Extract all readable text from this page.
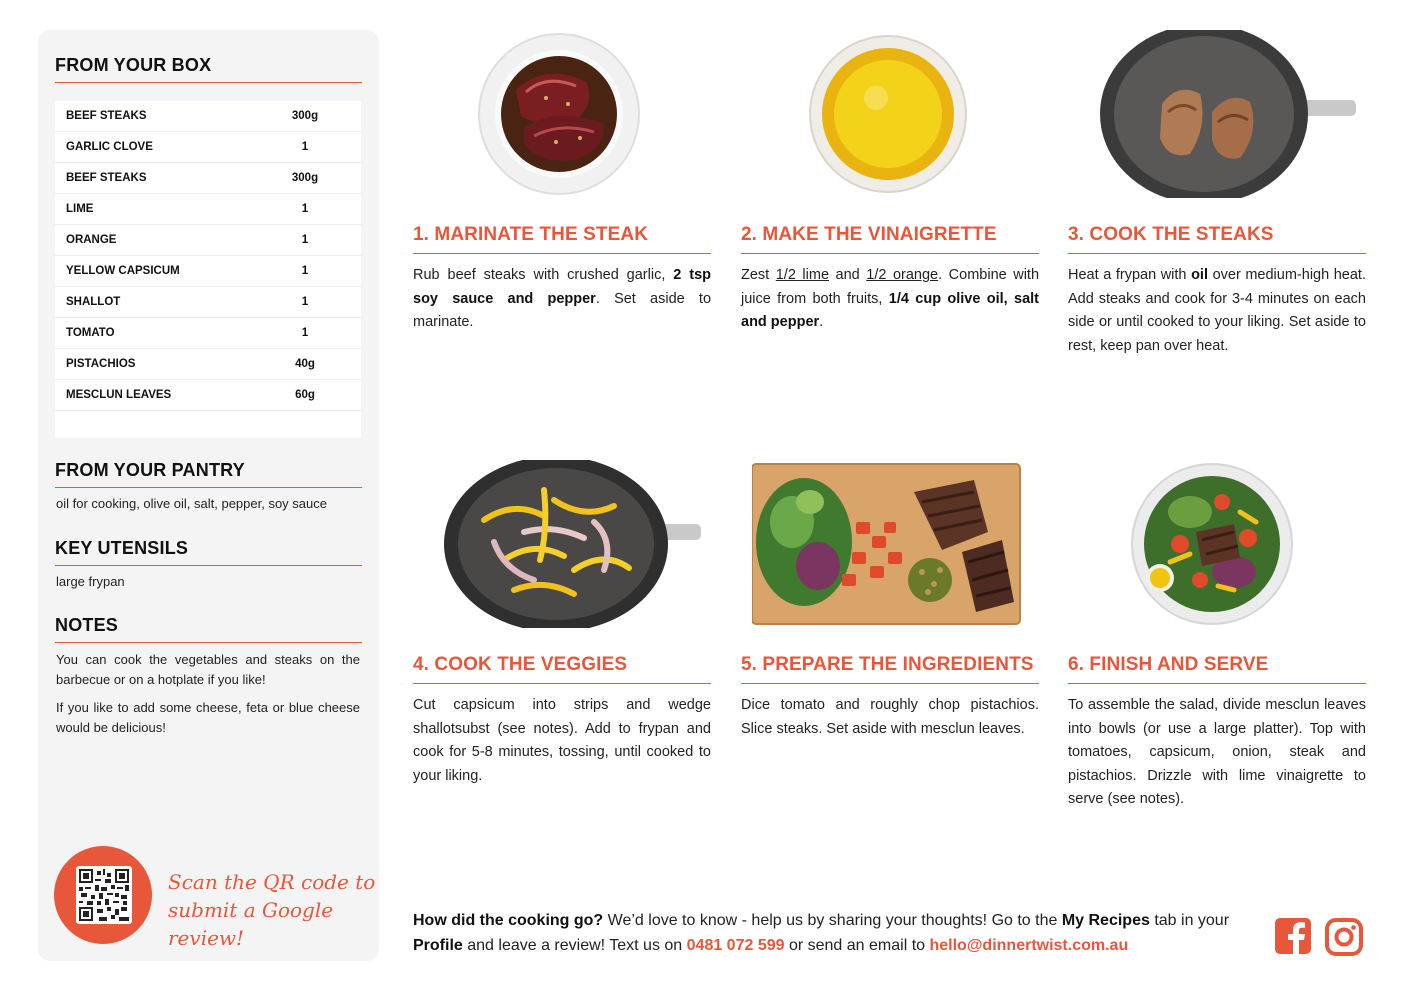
FROM YOUR BOX
BEEF STEAKS	300g
GARLIC CLOVE	1
BEEF STEAKS	300g
LIME	1
ORANGE	1
YELLOW CAPSICUM	1
SHALLOT	1
TOMATO	1
PISTACHIOS	40g
MESCLUN LEAVES	60g
FROM YOUR PANTRY
oil for cooking, olive oil, salt, pepper, soy sauce
KEY UTENSILS
large frypan
NOTES

You can cook the vegetables and steaks on the barbecue or on a hotplate if you like!

If you like to add some cheese, feta or blue cheese would be delicious!

Scan the QR code to
submit a Google review!
1. MARINATE THE STEAK
Rub beef steaks with crushed garlic, 2 tsp soy sauce and pepper. Set aside to marinate.
2. MAKE THE VINAIGRETTE
Zest 1/2 lime and 1/2 orange. Combine with juice from both fruits, 1/4 cup olive oil, salt and pepper.
3. COOK THE STEAKS
Heat a frypan with oil over medium-high heat. Add steaks and cook for 3-4 minutes on each side or until cooked to your liking. Set aside to rest, keep pan over heat.
4. COOK THE VEGGIES
Cut capsicum into strips and wedge shallotsubst (see notes). Add to frypan and cook for 5-8 minutes, tossing, until cooked to your liking.
5. PREPARE THE INGREDIENTS
Dice tomato and roughly chop pistachios. Slice steaks. Set aside with mesclun leaves.
6. FINISH AND SERVE
To assemble the salad, divide mesclun leaves into bowls (or use a large platter). Top with tomatoes, capsicum, onion, steak and pistachios. Drizzle with lime vinaigrette to serve (see notes).
How did the cooking go? We’d love to know - help us by sharing your thoughts! Go to the My Recipes tab in your Profile and leave a review! Text us on 0481 072 599 or send an email to hello@dinnertwist.com.au
